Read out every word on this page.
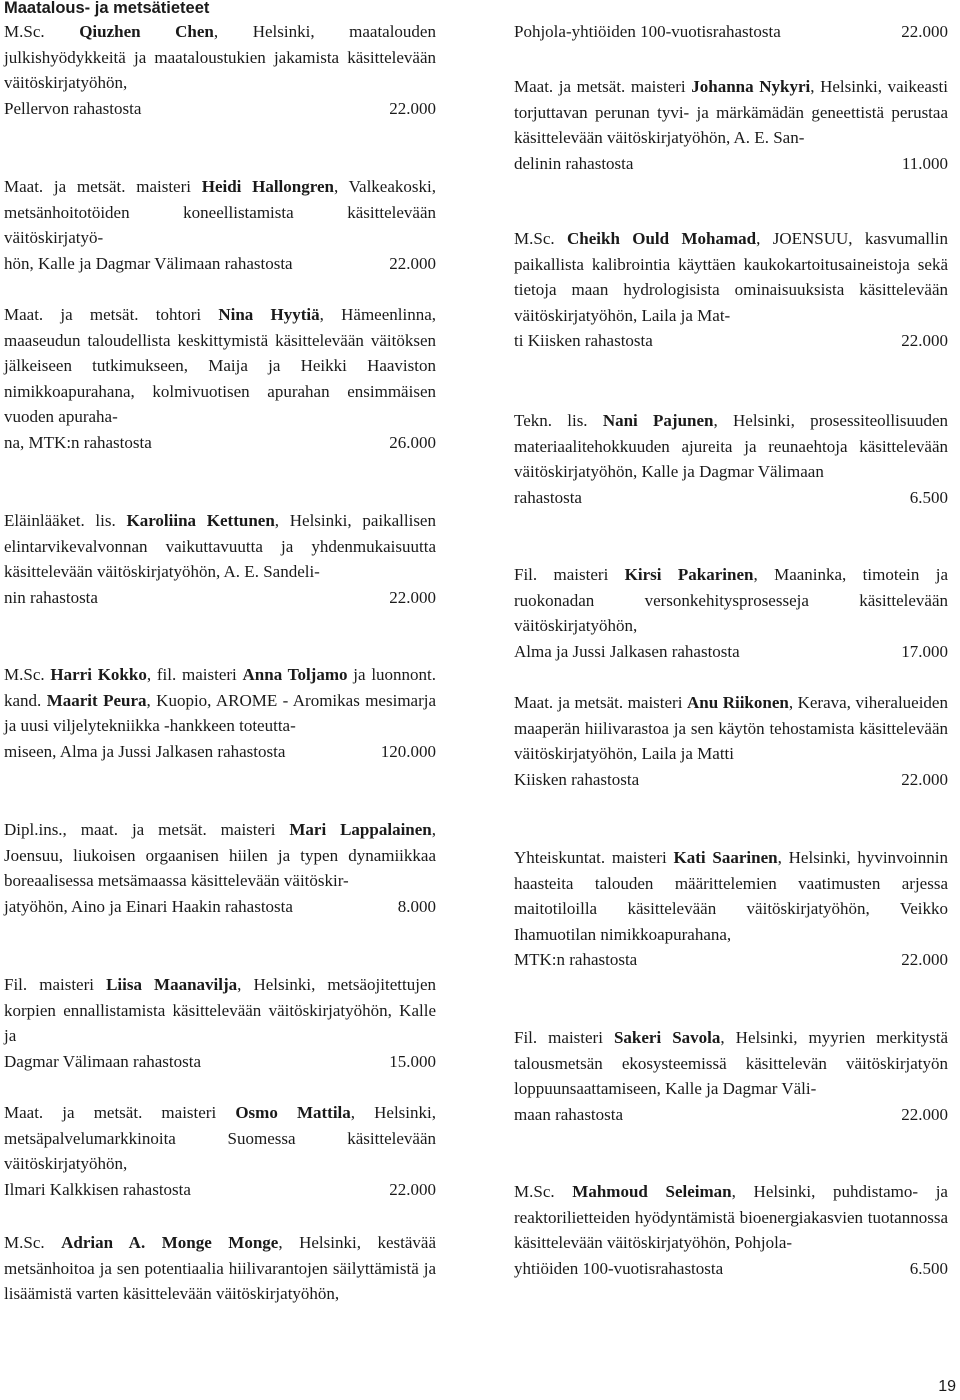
Maatalous- ja metsätieteet

M.Sc. Qiuzhen Chen, Helsinki, maatalouden julkishyödykkeitä ja maataloustukien jakamista käsittelevään väitöskirjatyöhön,

Pellervon rahastosta	22.000

Maat. ja metsät. maisteri Heidi Hallongren, Valkeakoski, metsänhoitotöiden koneellistamista käsittelevään väitöskirjatyö-

hön, Kalle ja Dagmar Välimaan rahastosta	22.000

Maat. ja metsät. tohtori Nina Hyytiä, Hämeenlinna, maaseudun taloudellista keskittymistä käsittelevään väitöksen jälkeiseen tutkimukseen, Maija ja Heikki Haaviston nimikkoapurahana, kolmivuotisen apurahan ensimmäisen vuoden apuraha-

na, MTK:n rahastosta	26.000

Eläinlääket. lis. Karoliina Kettunen, Helsinki, paikallisen elintarvikevalvonnan vaikuttavuutta ja yhdenmukaisuutta käsittelevään väitöskirjatyöhön, A. E. Sandeli-

nin rahastosta	22.000

M.Sc. Harri Kokko, fil. maisteri Anna Toljamo ja luonnont. kand. Maarit Peura, Kuopio, AROME - Aromikas mesimarja ja uusi viljelytekniikka -hankkeen toteutta-

miseen, Alma ja Jussi Jalkasen rahastosta	120.000

Dipl.ins., maat. ja metsät. maisteri Mari Lappalainen, Joensuu, liukoisen orgaanisen hiilen ja typen dynamiikkaa boreaalisessa metsämaassa käsittelevään väitöskir-

jatyöhön, Aino ja Einari Haakin rahastosta	8.000

Fil. maisteri Liisa Maanavilja, Helsinki, metsäojitettujen korpien ennallistamista käsittelevään väitöskirjatyöhön, Kalle ja

Dagmar Välimaan rahastosta	15.000

Maat. ja metsät. maisteri Osmo Mattila, Helsinki, metsäpalvelumarkkinoita Suomessa käsittelevään väitöskirjatyöhön,

Ilmari Kalkkisen rahastosta	22.000

M.Sc. Adrian A. Monge Monge, Helsinki, kestävää metsänhoitoa ja sen potentiaalia hiilivarantojen säilyttämistä ja lisäämistä varten käsittelevään väitöskirjatyöhön,

Pohjola-yhtiöiden 100-vuotisrahastosta	22.000

Maat. ja metsät. maisteri Johanna Nykyri, Helsinki, vaikeasti torjuttavan perunan tyvi- ja märkämädän geneettistä perustaa käsittelevään väitöskirjatyöhön, A. E. San-

delinin rahastosta	11.000

M.Sc. Cheikh Ould Mohamad, JOENSUU, kasvumallin paikallista kalibrointia käyttäen kaukokartoitusaineistoja sekä tietoja maan hydrologisista ominaisuuksista käsittelevään väitöskirjatyöhön, Laila ja Mat-

ti Kiisken rahastosta	22.000

Tekn. lis. Nani Pajunen, Helsinki, prosessiteollisuuden materiaalitehokkuuden ajureita ja reunaehtoja käsittelevään väitöskirjatyöhön, Kalle ja Dagmar Välimaan

rahastosta	6.500

Fil. maisteri Kirsi Pakarinen, Maaninka, timotein ja ruokonadan versonkehitysprosesseja käsittelevään väitöskirjatyöhön,

Alma ja Jussi Jalkasen rahastosta	17.000

Maat. ja metsät. maisteri Anu Riikonen, Kerava, viheralueiden maaperän hiilivarastoa ja sen käytön tehostamista käsittelevään väitöskirjatyöhön, Laila ja Matti

Kiisken rahastosta	22.000

Yhteiskuntat. maisteri Kati Saarinen, Helsinki, hyvinvoinnin haasteita talouden määrittelemien vaatimusten arjessa maitotiloilla käsittelevään väitöskirjatyöhön, Veikko Ihamuotilan nimikkoapurahana,

MTK:n rahastosta	22.000

Fil. maisteri Sakeri Savola, Helsinki, myyrien merkitystä talousmetsän ekosysteemissä käsittelevän väitöskirjatyön loppuunsaattamiseen, Kalle ja Dagmar Väli-

maan rahastosta	22.000

M.Sc. Mahmoud Seleiman, Helsinki, puhdistamo- ja reaktorilietteiden hyödyntämistä bioenergiakasvien tuotannossa käsittelevään väitöskirjatyöhön, Pohjola-

yhtiöiden 100-vuotisrahastosta	6.500
19
